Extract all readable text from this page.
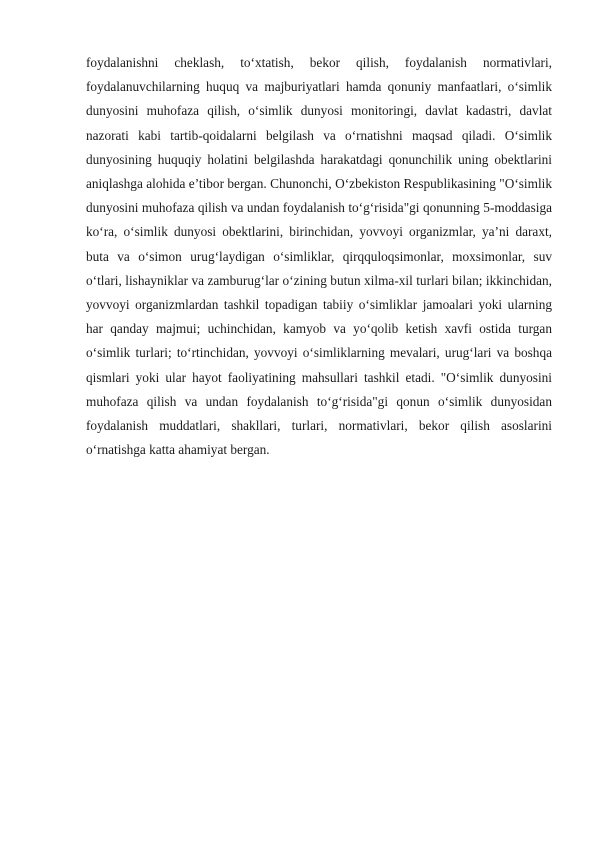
foydalanishni cheklash, to‘xtatish, bekor qilish, foydalanish normativlari, foydalanuvchilarning huquq va majburiyatlari hamda qonuniy manfaatlari, o‘simlik dunyosini muhofaza qilish, o‘simlik dunyosi monitoringi, davlat kadastri, davlat nazorati kabi tartib-qoidalarni belgilash va o‘rnatishni maqsad qiladi. O‘simlik dunyosining huquqiy holatini belgilashda harakatdagi qonunchilik uning obektlarini aniqlashga alohida e’tibor bergan. Chunonchi, O‘zbekiston Respublikasining "O‘simlik dunyosini muhofaza qilish va undan foydalanish to‘g‘risida"gi qonunning 5-moddasiga ko‘ra, o‘simlik dunyosi obektlarini, birinchidan, yovvoyi organizmlar, ya’ni daraxt, buta va o‘simon urug‘laydigan o‘simliklar, qirqquloqsimonlar, moxsimonlar, suv o‘tlari, lishayniklar va zamburug‘lar o‘zining butun xilma-xil turlari bilan; ikkinchidan, yovvoyi organizmlardan tashkil topadigan tabiiy o‘simliklar jamoalari yoki ularning har qanday majmui; uchinchidan, kamyob va yo‘qolib ketish xavfi ostida turgan o‘simlik turlari; to‘rtinchidan, yovvoyi o‘simliklarning mevalari, urug‘lari va boshqa qismlari yoki ular hayot faoliyatining mahsullari tashkil etadi. "O‘simlik dunyosini muhofaza qilish va undan foydalanish to‘g‘risida"gi qonun o‘simlik dunyosidan foydalanish muddatlari, shakllari, turlari, normativlari, bekor qilish asoslarini o‘rnatishga katta ahamiyat bergan.
